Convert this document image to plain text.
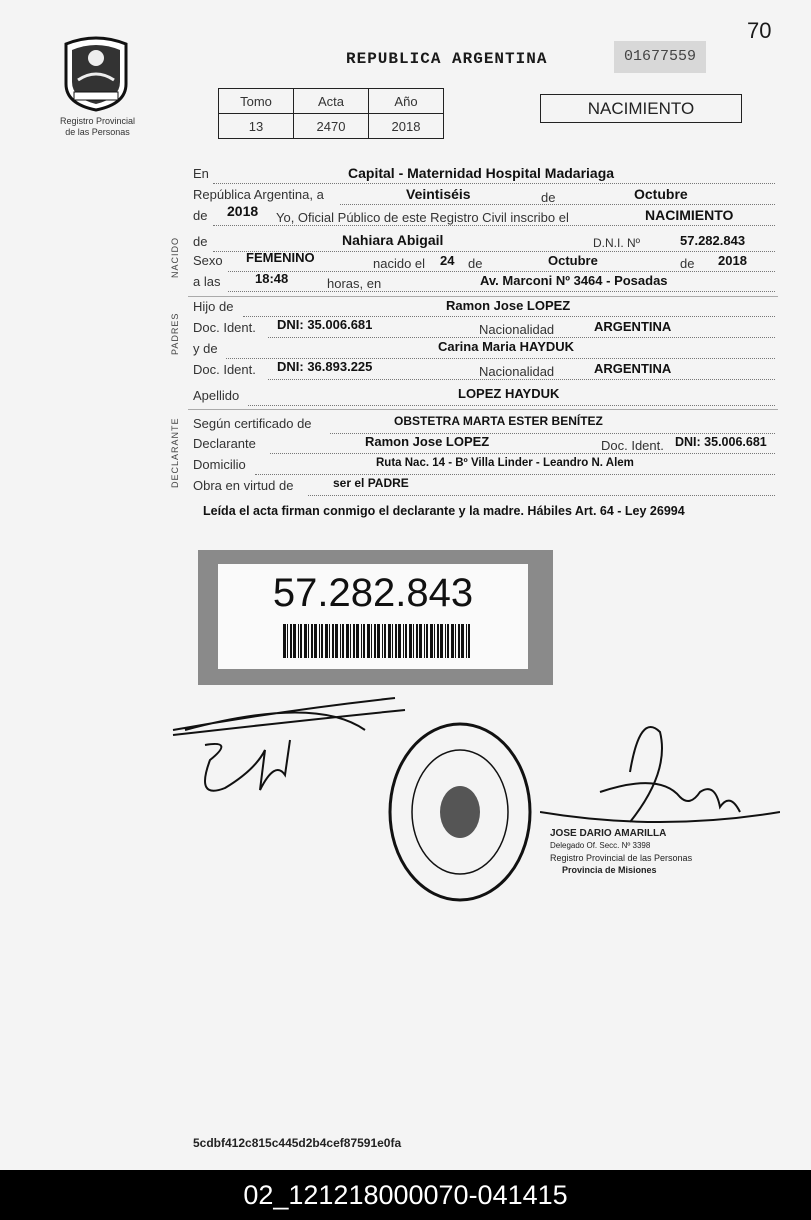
70
Registro Provincial
de las Personas
REPUBLICA ARGENTINA	01677559
Tomo	Acta	Año
13	2470	2018
NACIMIENTO
NACIDO
PADRES
DECLARANTE
En	Capital - Maternidad Hospital Madariaga
República Argentina, a	Veintiséis	de	Octubre
de 2018 Yo, Oficial Público de este Registro Civil inscribo el	NACIMIENTO
de	Nahiara Abigail	D.N.I. Nº	57.282.843
Sexo FEMENINO	nacido el 24 de	Octubre	de 2018
a las	18:48	horas, en	Av. Marconi Nº 3464 - Posadas
Hijo de	Ramon Jose LOPEZ
Doc. Ident. DNI: 35.006.681	Nacionalidad	ARGENTINA
y de	Carina Maria HAYDUK
Doc. Ident. DNI: 36.893.225	Nacionalidad	ARGENTINA
Apellido	LOPEZ HAYDUK
Según certificado de	OBSTETRA MARTA ESTER BENÍTEZ
Declarante	Ramon Jose LOPEZ	Doc. Ident. DNI: 35.006.681
Domicilio	Ruta Nac. 14 - Bº Villa Linder - Leandro N. Alem
Obra en virtud de	ser el PADRE
Leída el acta firman conmigo el declarante y la madre. Hábiles Art. 64 - Ley 26994
57.282.843
JOSE DARIO AMARILLA
Delegado Of. Secc. Nº 3398
Registro Provincial de las Personas
Provincia de Misiones
5cdbf412c815c445d2b4cef87591e0fa
02_121218000070-041415
